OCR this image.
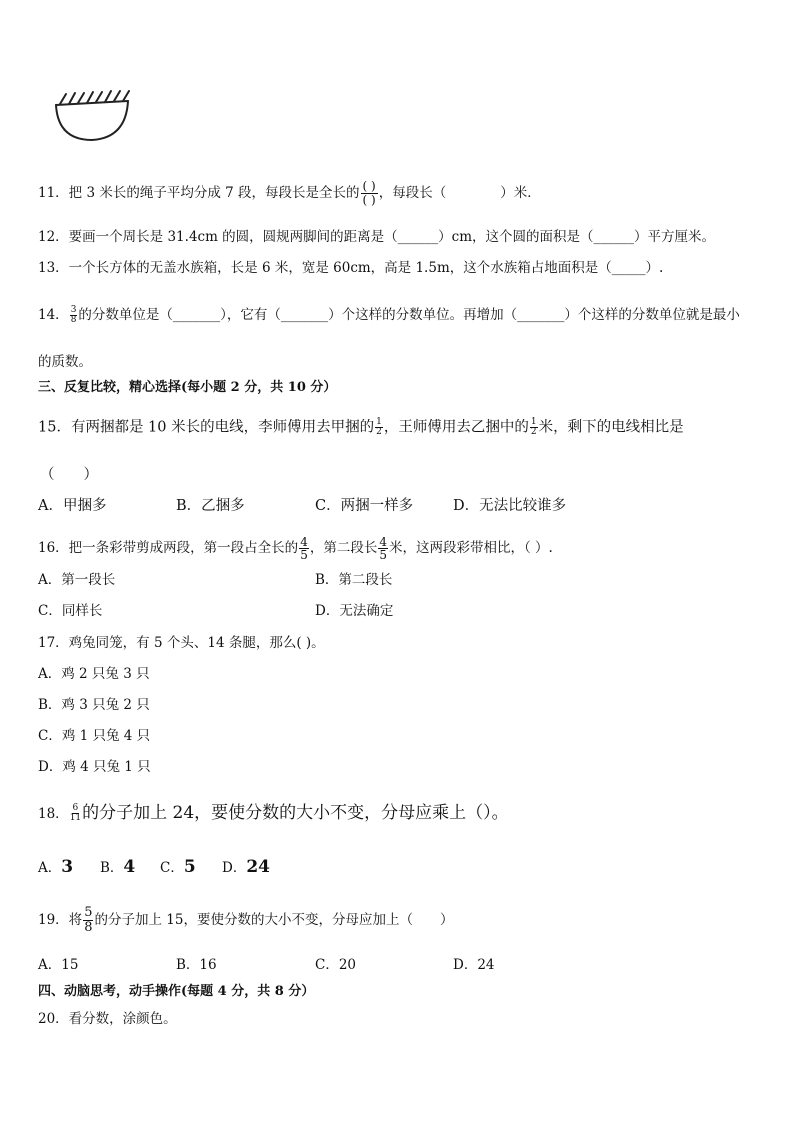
11．把 3 米长的绳子平均分成 7 段，每段长是全长的 $\frac{( )}{( )}$ ，每段长（　　　　）米．
12．要画一个周长是 31.4cm 的圆，圆规两脚间的距离是（______）cm，这个圆的面积是（______）平方厘米。
13．一个长方体的无盖水族箱，长是 6 米，宽是 60cm，高是 1.5m，这个水族箱占地面积是（_____）.
14． $\frac{3}{8}$ 的分数单位是（_______），它有（_______）个这样的分数单位。再增加（_______）个这样的分数单位就是最小
的质数。
三、反复比较，精心选择(每小题 2 分，共 10 分）
15．有两捆都是 10 米长的电线，李师傅用去甲捆的 $\frac{1}{2}$ ，王师傅用去乙捆中的 $\frac{1}{2}$ 米，剩下的电线相比是
（　　）
A．甲捆多	B．乙捆多	C．两捆一样多	D．无法比较谁多
16．把一条彩带剪成两段，第一段占全长的 $\frac{4}{5}$ ，第二段长 $\frac{4}{5}$ 米，这两段彩带相比，（ ）.
A．第一段长	B．第二段长
C．同样长	D．无法确定
17．鸡兔同笼，有 5 个头、14 条腿，那么( )。
A．鸡 2 只兔 3 只
B．鸡 3 只兔 2 只
C．鸡 1 只兔 4 只
D．鸡 4 只兔 1 只
18． $\frac{6}{11}$ 的分子加上 24，要使分数的大小不变，分母应乘上（）。
A．3 B．4 C．5 D．24
19．将 $\frac{5}{8}$ 的分子加上 15，要使分数的大小不变，分母应加上（　　）
A．15	B．16	C．20	D．24
四、动脑思考，动手操作(每题 4 分，共 8 分）
20．看分数，涂颜色。
